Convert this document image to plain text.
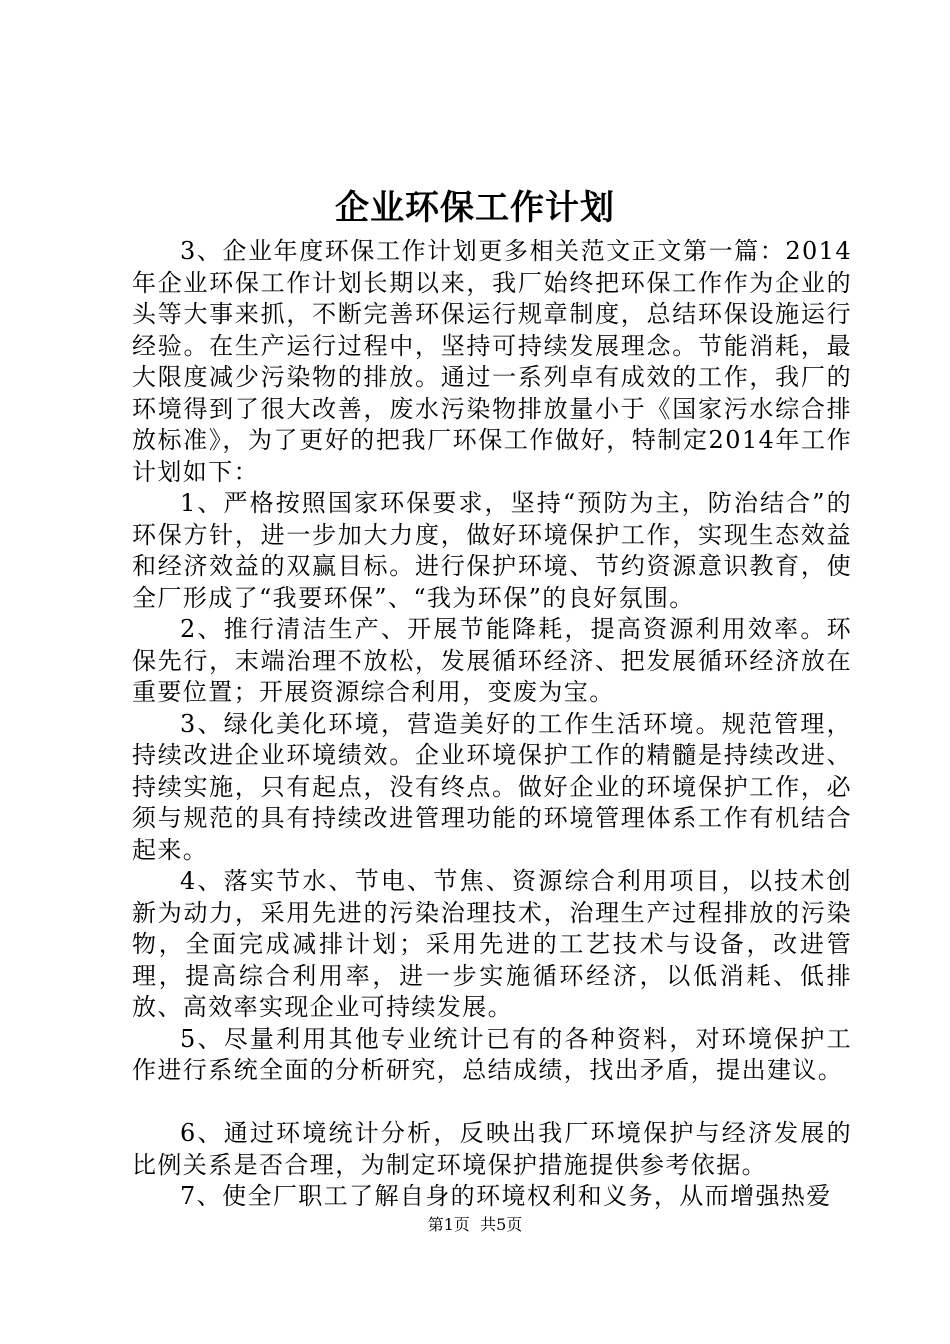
企业环保工作计划

3、企业年度环保工作计划更多相关范文正文第一篇：2014年企业环保工作计划长期以来，我厂始终把环保工作作为企业的头等大事来抓，不断完善环保运行规章制度，总结环保设施运行经验。在生产运行过程中，坚持可持续发展理念。节能消耗，最大限度减少污染物的排放。通过一系列卓有成效的工作，我厂的环境得到了很大改善，废水污染物排放量小于《国家污水综合排放标准》，为了更好的把我厂环保工作做好，特制定2014年工作计划如下：

1、严格按照国家环保要求，坚持“预防为主，防治结合”的环保方针，进一步加大力度，做好环境保护工作，实现生态效益和经济效益的双赢目标。进行保护环境、节约资源意识教育，使全厂形成了“我要环保”、“我为环保”的良好氛围。

2、推行清洁生产、开展节能降耗，提高资源利用效率。环保先行，末端治理不放松，发展循环经济、把发展循环经济放在重要位置；开展资源综合利用，变废为宝。

3、绿化美化环境，营造美好的工作生活环境。规范管理，持续改进企业环境绩效。企业环境保护工作的精髓是持续改进、持续实施，只有起点，没有终点。做好企业的环境保护工作，必须与规范的具有持续改进管理功能的环境管理体系工作有机结合起来。

4、落实节水、节电、节焦、资源综合利用项目，以技术创新为动力，采用先进的污染治理技术，治理生产过程排放的污染物，全面完成减排计划；采用先进的工艺技术与设备，改进管理，提高综合利用率，进一步实施循环经济，以低消耗、低排放、高效率实现企业可持续发展。

5、尽量利用其他专业统计已有的各种资料，对环境保护工作进行系统全面的分析研究，总结成绩，找出矛盾，提出建议。

6、通过环境统计分析，反映出我厂环境保护与经济发展的比例关系是否合理，为制定环境保护措施提供参考依据。

7、使全厂职工了解自身的环境权利和义务，从而增强热爱

第1页 共5页
